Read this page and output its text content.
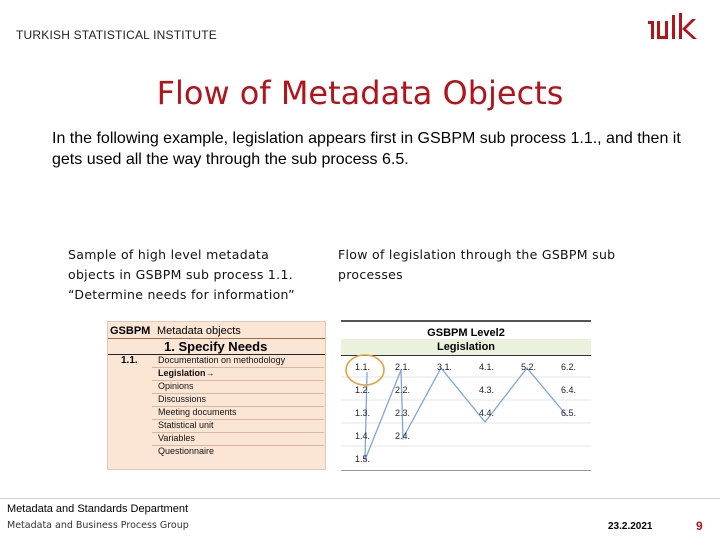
TURKISH STATISTICAL INSTITUTE
Flow of Metadata Objects
In the following example, legislation appears first in GSBPM sub process 1.1., and then it gets used all the way through the sub process 6.5.
Sample of high level metadata objects in GSBPM sub process 1.1. “Determine needs for information”
Flow of legislation through the GSBPM sub processes
GSBPM Metadata objects
1. Specify Needs
1.1. Documentation on methodology
Legislation→
Opinions
Discussions
Meeting documents
Statistical unit
Variables
Questionnaire
GSBPM Level2
Legislation
1.1.
1.2.
1.3.
1.4.
1.5.
2.1.
2.2.
2.3.
2.4.
3.1.	4.1.
4.3.
4.4.
5.2.	6.2.
6.4.
6.5.
Metadata and Standards Department
Metadata and Business Process Group	23.2.2021	9
